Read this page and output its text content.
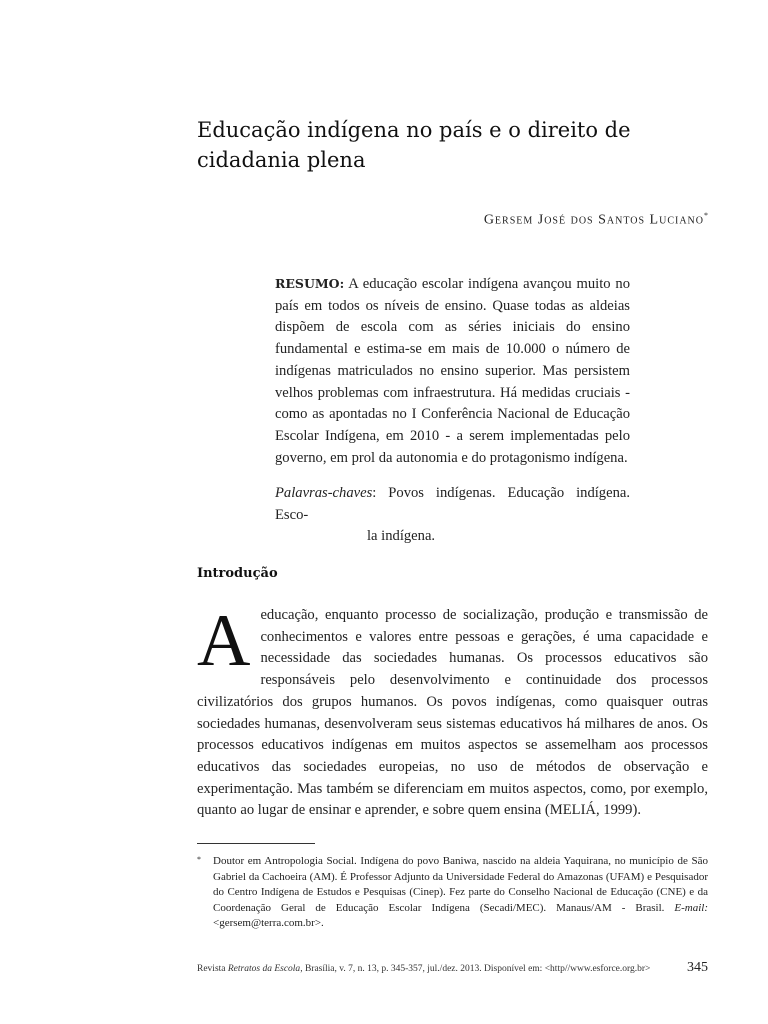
Educação indígena no país e o direito de cidadania plena
Gersem José dos Santos Luciano*
RESUMO: A educação escolar indígena avançou muito no país em todos os níveis de ensino. Quase todas as aldeias dispõem de escola com as séries iniciais do ensino fundamental e estima-se em mais de 10.000 o número de indígenas matriculados no ensino superior. Mas persistem velhos problemas com infraestrutura. Há medidas cruciais - como as apontadas no I Conferência Nacional de Educação Escolar Indígena, em 2010 - a serem implementadas pelo governo, em prol da autonomia e do protagonismo indígena.
Palavras-chaves: Povos indígenas. Educação indígena. Esco-
la indígena.
Introdução
A educação, enquanto processo de socialização, produção e transmissão de conhecimentos e valores entre pessoas e gerações, é uma capacidade e necessidade das sociedades humanas. Os processos educativos são responsáveis pelo desenvolvimento e continuidade dos processos civilizatórios dos grupos humanos. Os povos indígenas, como quaisquer outras sociedades humanas, desenvolveram seus sistemas educativos há milhares de anos. Os processos educativos indígenas em muitos aspectos se assemelham aos processos educativos das sociedades europeias, no uso de métodos de observação e experimentação. Mas também se diferenciam em muitos aspectos, como, por exemplo, quanto ao lugar de ensinar e aprender, e sobre quem ensina (MELIÁ, 1999).
*	Doutor em Antropologia Social. Indígena do povo Baniwa, nascido na aldeia Yaquirana, no município de São Gabriel da Cachoeira (AM). É Professor Adjunto da Universidade Federal do Amazonas (UFAM) e Pesquisador do Centro Indígena de Estudos e Pesquisas (Cinep). Fez parte do Conselho Nacional de Educação (CNE) e da Coordenação Geral de Educação Escolar Indígena (Secadi/MEC). Manaus/AM - Brasil. E-mail: <gersem@terra.com.br>.
Revista Retratos da Escola, Brasília, v. 7, n. 13, p. 345-357, jul./dez. 2013. Disponível em: <http//www.esforce.org.br>	345
